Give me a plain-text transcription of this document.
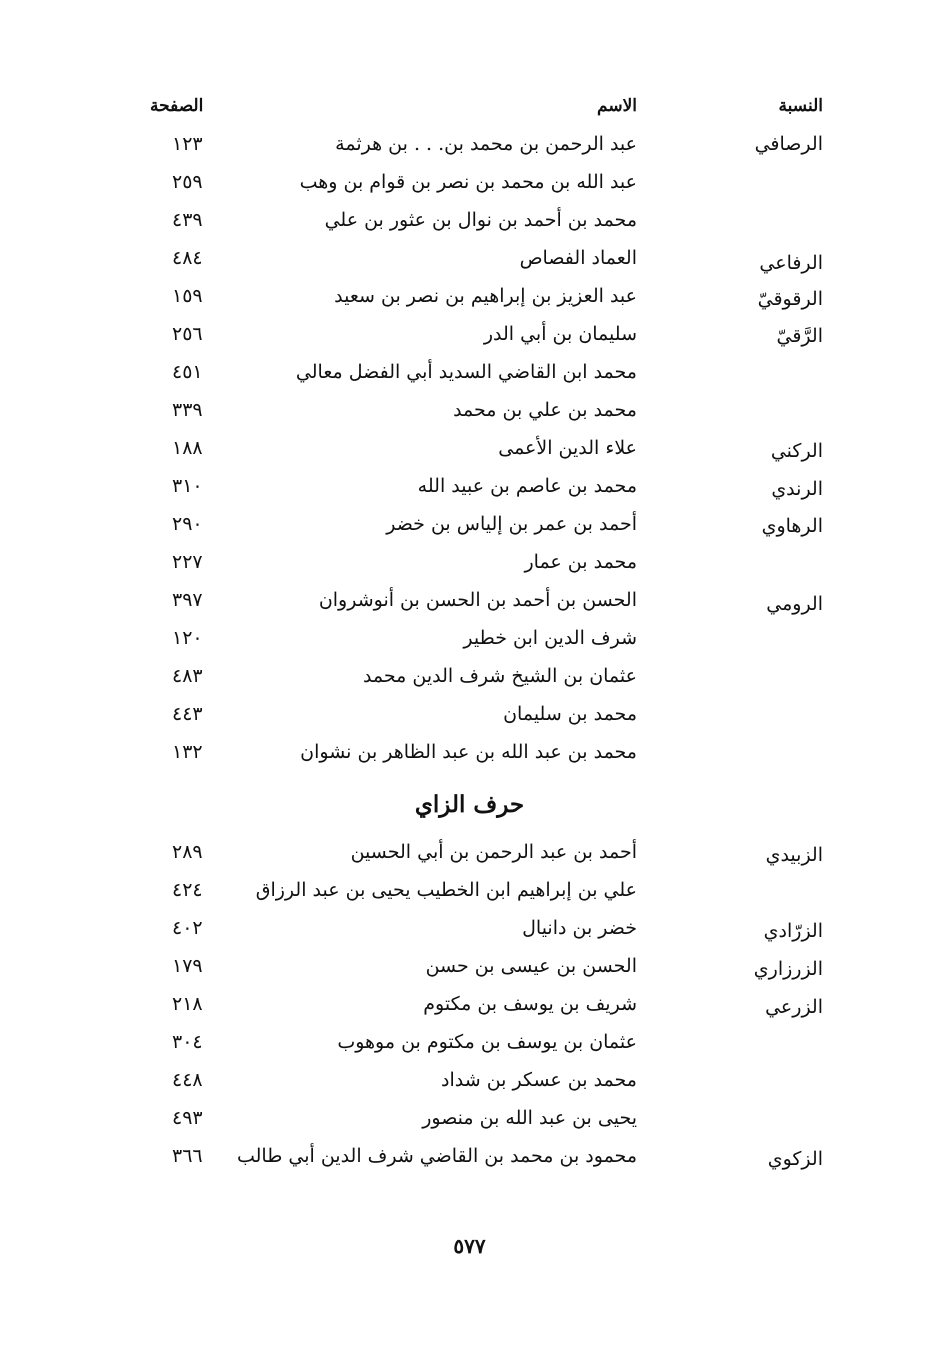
النسبة
الاسم
الصفحة
الرصافي
عبد الرحمن بن محمد بن. . . بن هرثمة
١٢٣
عبد الله بن محمد بن نصر بن قوام بن وهب
٢٥٩
محمد بن أحمد بن نوال بن عثور بن علي
٤٣٩
الرفاعي
العماد الفصاص
٤٨٤
الرقوقيّ
عبد العزيز بن إبراهيم بن نصر بن سعيد
١٥٩
الرَّقيّ
سليمان بن أبي الدر
٢٥٦
محمد ابن القاضي السديد أبي الفضل معالي
٤٥١
محمد بن علي بن محمد
٣٣٩
الركني
علاء الدين الأعمى
١٨٨
الرندي
محمد بن عاصم بن عبيد الله
٣١٠
الرهاوي
أحمد بن عمر بن إلياس بن خضر
٢٩٠
محمد بن عمار
٢٢٧
الرومي
الحسن بن أحمد بن الحسن بن أنوشروان
٣٩٧
شرف الدين ابن خطير
١٢٠
عثمان بن الشيخ شرف الدين محمد
٤٨٣
محمد بن سليمان
٤٤٣
محمد بن عبد الله بن عبد الظاهر بن نشوان
١٣٢
حرف الزاي
الزبيدي
أحمد بن عبد الرحمن بن أبي الحسين
٢٨٩
علي بن إبراهيم ابن الخطيب يحيى بن عبد الرزاق
٤٢٤
الزرّادي
خضر بن دانيال
٤٠٢
الزرزاري
الحسن بن عيسى بن حسن
١٧٩
الزرعي
شريف بن يوسف بن مكتوم
٢١٨
عثمان بن يوسف بن مكتوم بن موهوب
٣٠٤
محمد بن عسكر بن شداد
٤٤٨
يحيى بن عبد الله بن منصور
٤٩٣
الزكوي
محمود بن محمد بن القاضي شرف الدين أبي طالب
٣٦٦
٥٧٧
